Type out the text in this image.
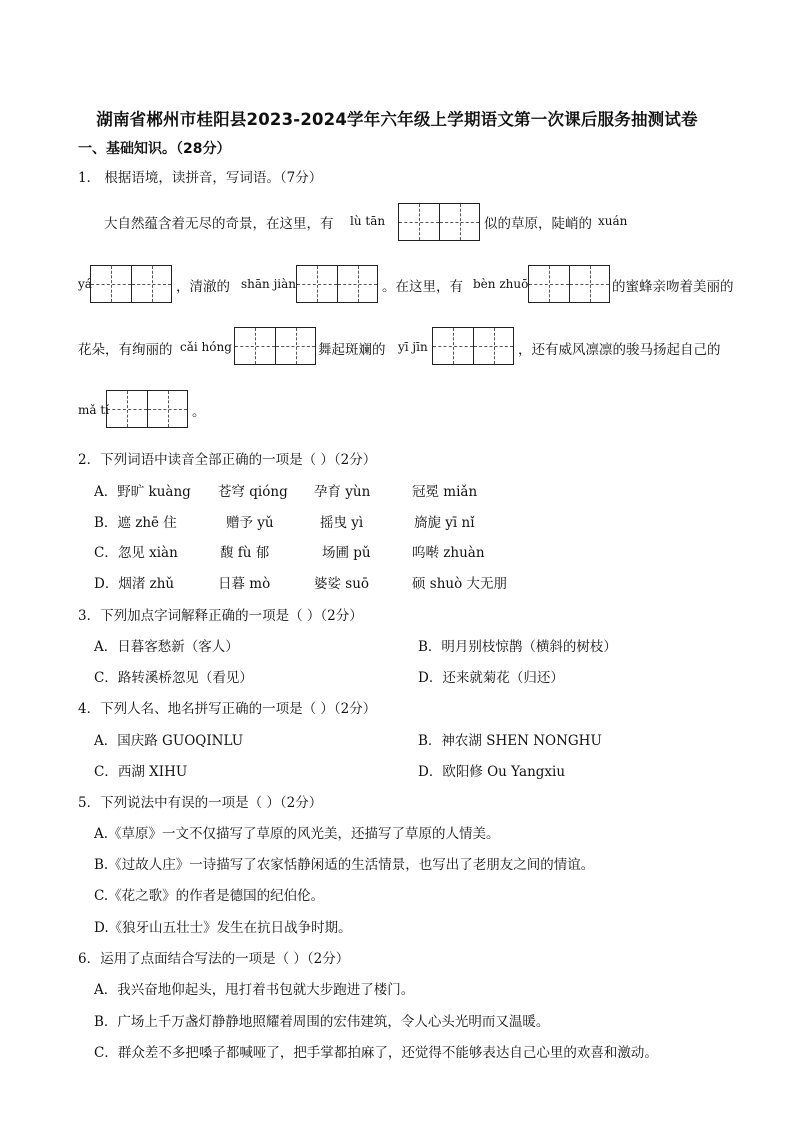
湖南省郴州市桂阳县2023-2024学年六年级上学期语文第一次课后服务抽测试卷
一、基础知识。（28分）
1． 根据语境，读拼音，写词语。（7分）
大自然蕴含着无尽的奇景，在这里，有 lù tān	似的草原，陡峭的 xuán
yá	，清澈的 shān jiàn	。在这里，有 bèn zhuō	的蜜蜂亲吻着美丽的
花朵，有绚丽的 cǎi hóng	舞起斑斓的 yī jīn	，还有威风凛凛的骏马扬起自己的
mǎ tí	。
2．下列词语中读音全部正确的一项是（ ）（2分）
A．野旷 kuàng 苍穹 qióng 孕育 yùn	冠冕 miǎn
B．遮 zhē 住	赠予 yǔ	摇曳 yì	旖旎 yī nǐ
C．忽见 xiàn	馥 fù 郁	场圃 pǔ	呜啭 zhuàn
D．烟渚 zhǔ	日暮 mò	婆娑 suō	硕 shuò 大无朋
3．下列加点字词解释正确的一项是（ ）（2分）
A．日暮客愁新（客人）	B．明月别枝惊鹊（横斜的树枝）
C．路转溪桥忽见（看见）	D．还来就菊花（归还）
4．下列人名、地名拼写正确的一项是（ ）（2分）
A．国庆路 GUOQINLU	B．神农湖 SHEN NONGHU
C．西湖 XIHU	D．欧阳修 Ou Yangxiu
5．下列说法中有误的一项是（ ）（2分）
A.《草原》一文不仅描写了草原的风光美，还描写了草原的人情美。
B.《过故人庄》一诗描写了农家恬静闲适的生活情景，也写出了老朋友之间的情谊。
C.《花之歌》的作者是德国的纪伯伦。
D.《狼牙山五壮士》发生在抗日战争时期。
6．运用了点面结合写法的一项是（ ）（2分）
A．我兴奋地仰起头，甩打着书包就大步跑进了楼门。
B．广场上千万盏灯静静地照耀着周围的宏伟建筑，令人心头光明而又温暖。
C．群众差不多把嗓子都喊哑了，把手掌都拍麻了，还觉得不能够表达自己心里的欢喜和激动。
